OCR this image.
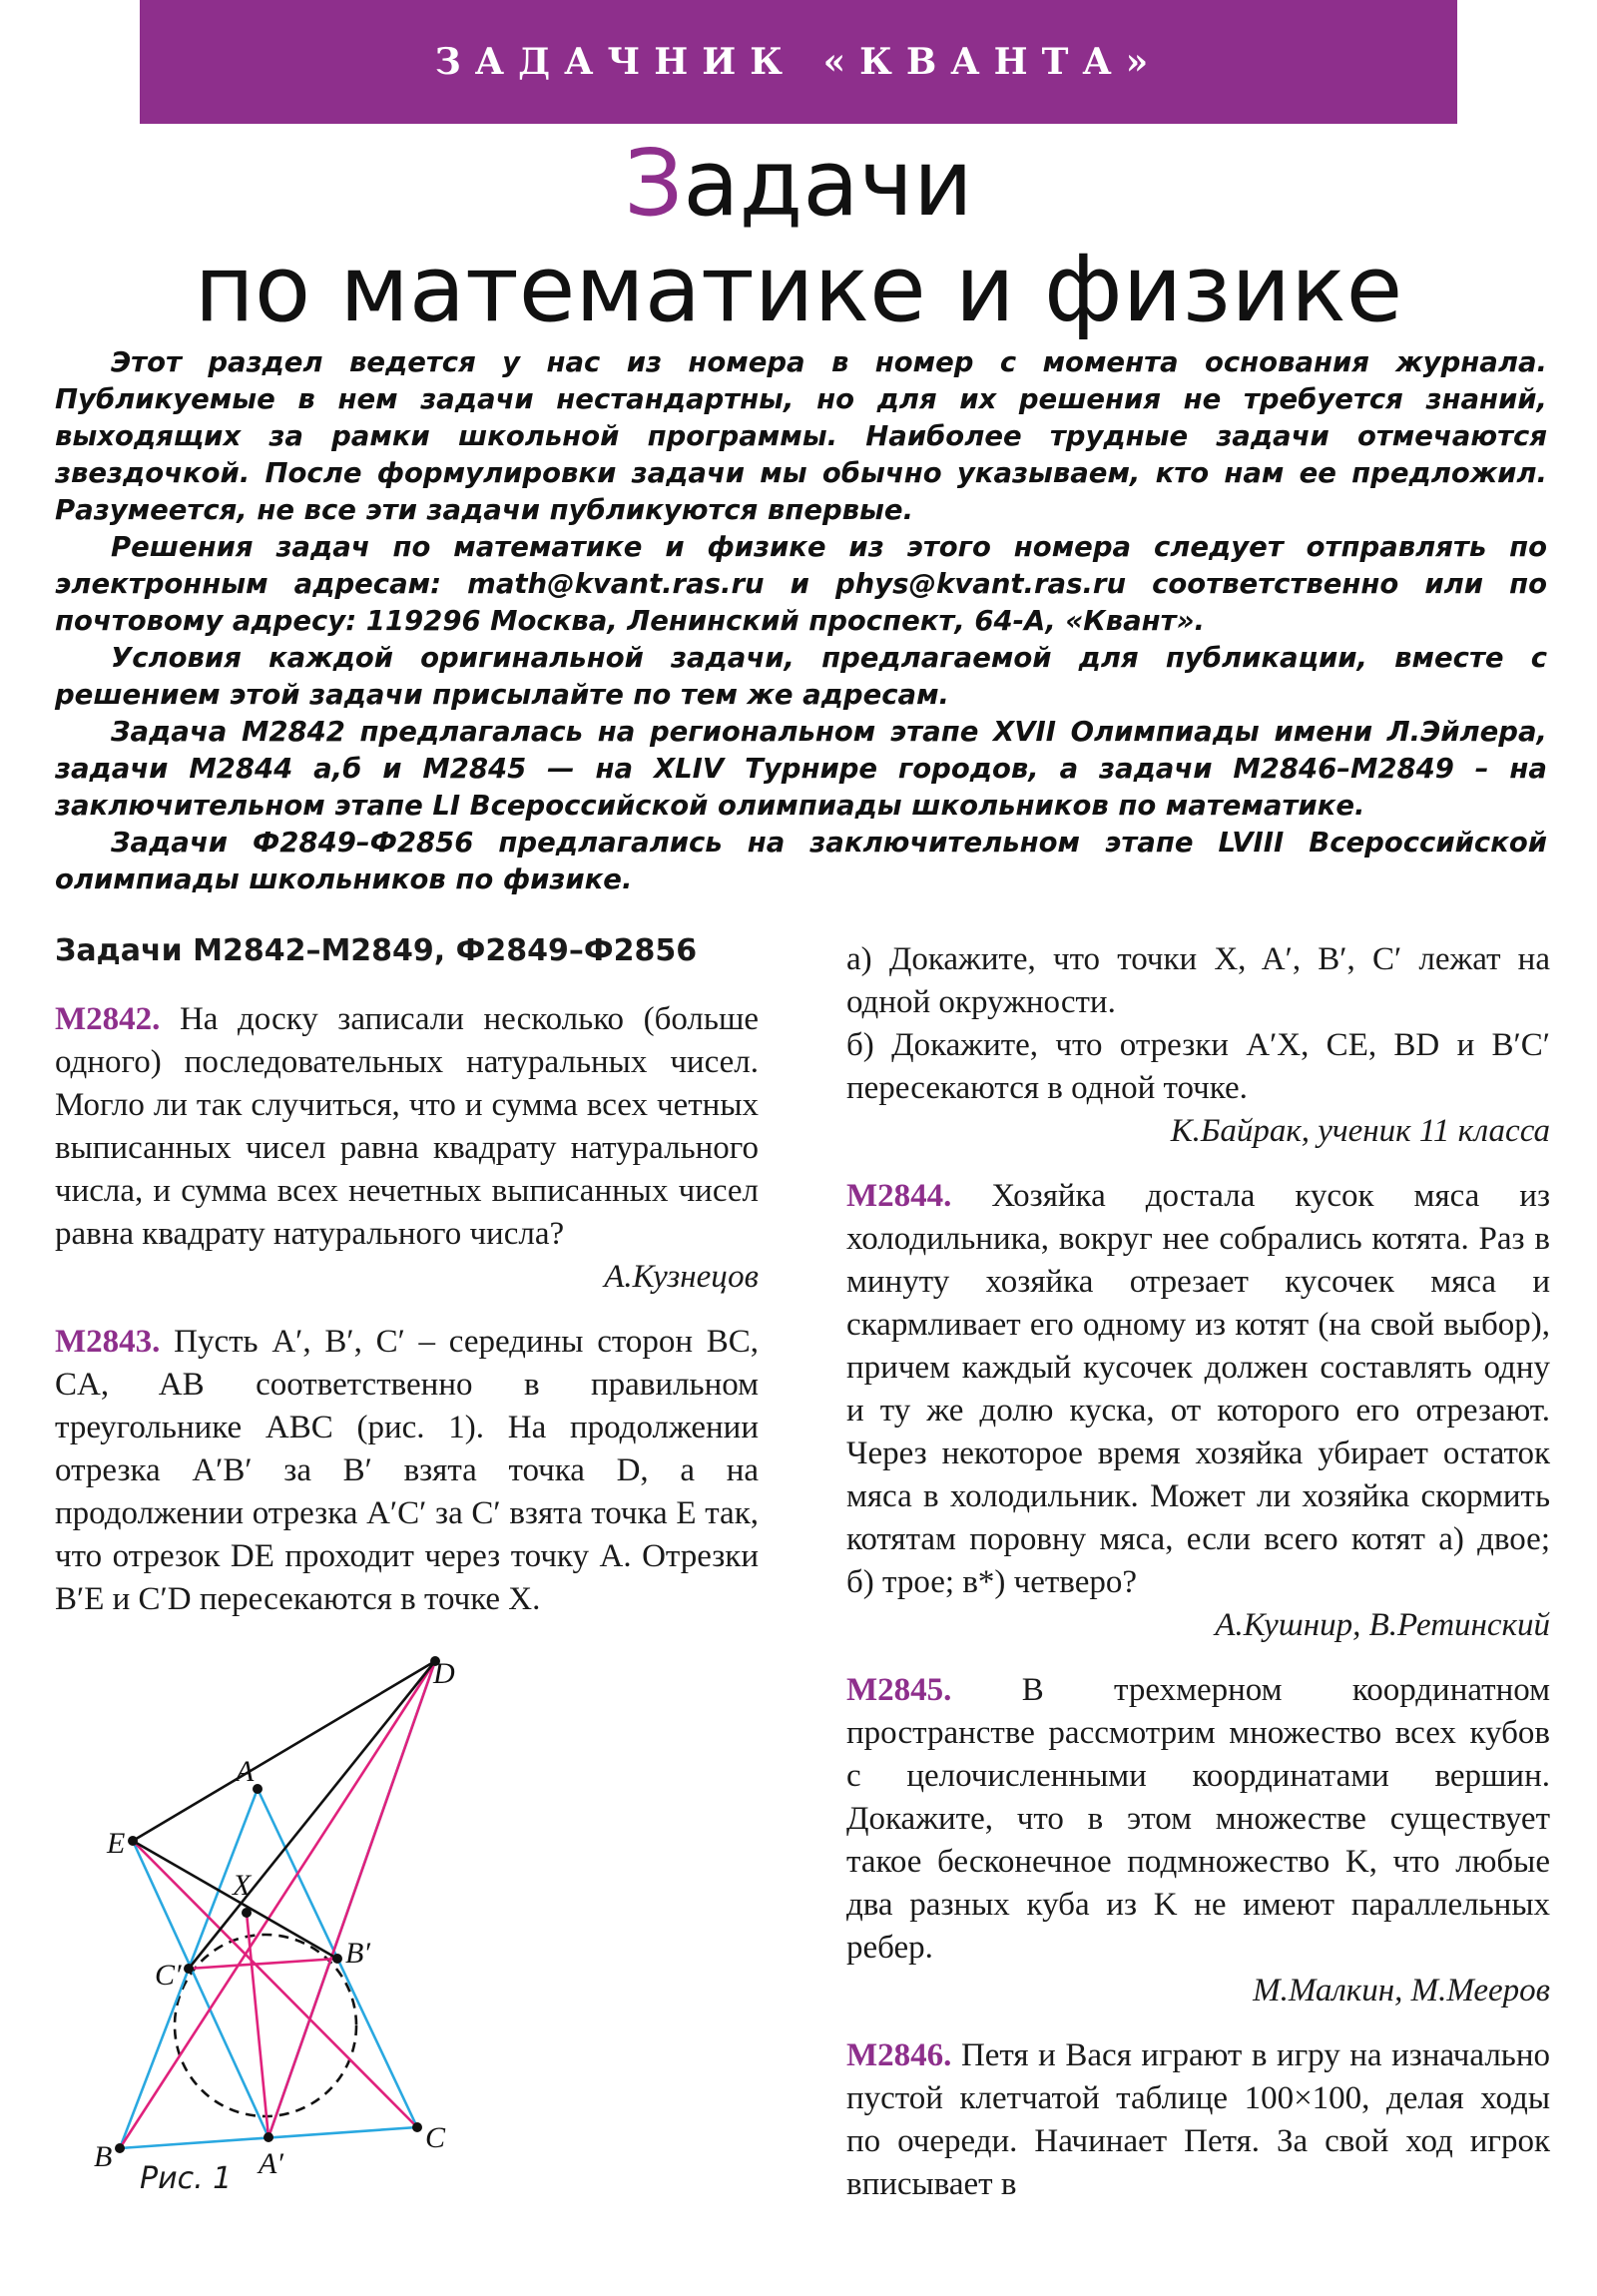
ЗАДАЧНИК «КВАНТА»
Задачи
по математике и физике

Этот раздел ведется у нас из номера в номер с момента основания журнала. Публикуемые в нем задачи нестандартны, но для их решения не требуется знаний, выходящих за рамки школьной программы. Наиболее трудные задачи отмечаются звездочкой. После формулировки задачи мы обычно указываем, кто нам ее предложил. Разумеется, не все эти задачи публикуются впервые.

Решения задач по математике и физике из этого номера следует отправлять по электронным адресам: math@kvant.ras.ru и phys@kvant.ras.ru соответственно или по почтовому адресу: 119296 Москва, Ленинский проспект, 64-А, «Квант».

Условия каждой оригинальной задачи, предлагаемой для публикации, вместе с решением этой задачи присылайте по тем же адресам.

Задача М2842 предлагалась на региональном этапе XVII Олимпиады имени Л.Эйлера, задачи М2844 а,б и М2845 — на XLIV Турнире городов, а задачи М2846–М2849 – на заключительном этапе LI Всероссийской олимпиады школьников по математике.

Задачи Ф2849–Ф2856 предлагались на заключительном этапе LVIII Всероссийской олимпиады школьников по физике.

Задачи М2842–М2849, Ф2849–Ф2856

М2842. На доску записали несколько (больше одного) последовательных натуральных чисел. Могло ли так случиться, что и сумма всех четных выписанных чисел равна квадрату натурального числа, и сумма всех нечетных выписанных чисел равна квадрату натурального числа?

А.Кузнецов

М2843. Пусть A′, B′, C′ – середины сторон BC, CA, AB соответственно в правильном треугольнике ABC (рис. 1). На продолжении отрезка A′B′ за B′ взята точка D, а на продолжении отрезка A′C′ за C′ взята точка E так, что отрезок DE проходит через точку A. Отрезки B′E и C′D пересекаются в точке X.

A
B
C
A′
B′
C′
D
E
X
Рис. 1

а) Докажите, что точки X, A′, B′, C′ лежат на одной окружности.

б) Докажите, что отрезки A′X, CE, BD и B′C′ пересекаются в одной точке.

К.Байрак, ученик 11 класса

М2844. Хозяйка достала кусок мяса из холодильника, вокруг нее собрались котята. Раз в минуту хозяйка отрезает кусочек мяса и скармливает его одному из котят (на свой выбор), причем каждый кусочек должен составлять одну и ту же долю куска, от которого его отрезают. Через некоторое время хозяйка убирает остаток мяса в холодильник. Может ли хозяйка скормить котятам поровну мяса, если всего котят а) двое; б) трое; в*) четверо?

А.Кушнир, В.Ретинский

М2845. В трехмерном координатном пространстве рассмотрим множество всех кубов с целочисленными координатами вершин. Докажите, что в этом множестве существует такое бесконечное подмножество K, что любые два разных куба из K не имеют параллельных ребер.

М.Малкин, М.Мееров

М2846. Петя и Вася играют в игру на изначально пустой клетчатой таблице 100×100, делая ходы по очереди. Начинает Петя. За свой ход игрок вписывает в
